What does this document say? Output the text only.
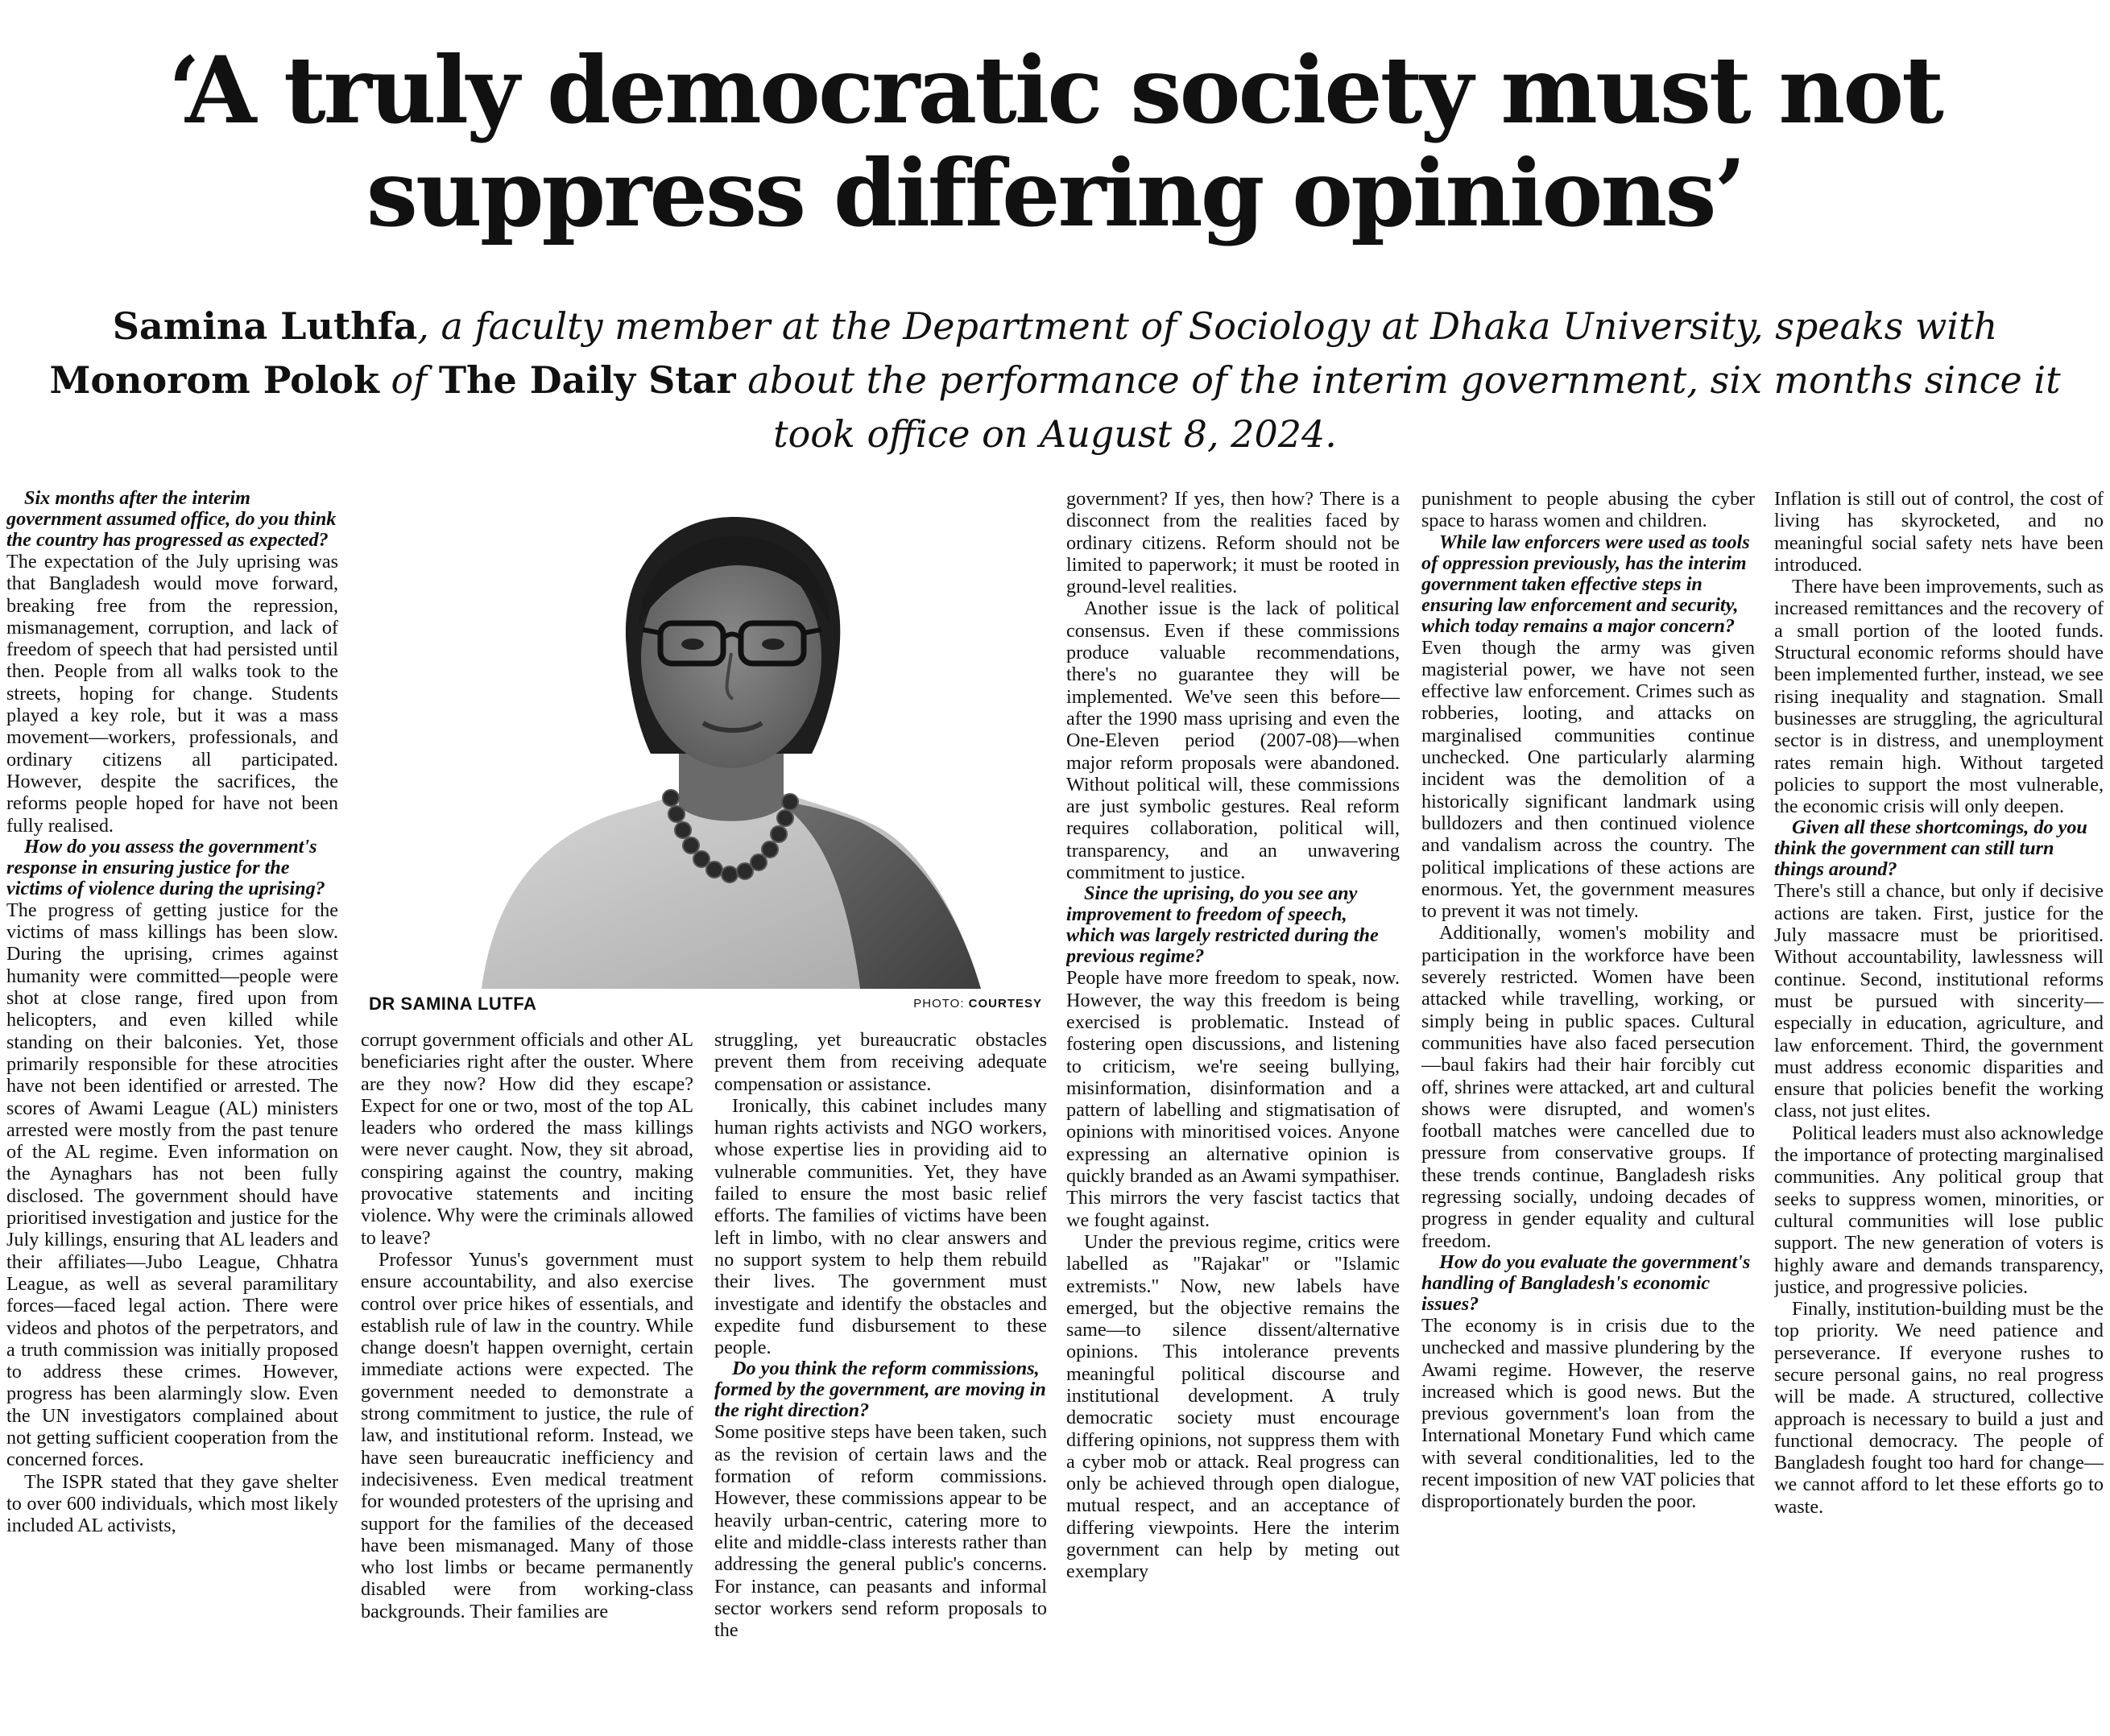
‘A truly democratic society must not suppress differing opinions’

Samina Luthfa, a faculty member at the Department of Sociology at Dhaka University, speaks with Monorom Polok of The Daily Star about the performance of the interim government, six months since it took office on August 8, 2024.

DR SAMINA LUTFA	PHOTO: COURTESY

Six months after the interim government assumed office, do you think the country has progressed as expected?

The expectation of the July uprising was that Bangladesh would move forward, breaking free from the repression, mismanagement, corruption, and lack of freedom of speech that had persisted until then. People from all walks took to the streets, hoping for change. Students played a key role, but it was a mass movement—workers, professionals, and ordinary citizens all participated. However, despite the sacrifices, the reforms people hoped for have not been fully realised.

How do you assess the government's response in ensuring justice for the victims of violence during the uprising?

The progress of getting justice for the victims of mass killings has been slow. During the uprising, crimes against humanity were committed—people were shot at close range, fired upon from helicopters, and even killed while standing on their balconies. Yet, those primarily responsible for these atrocities have not been identified or arrested. The scores of Awami League (AL) ministers arrested were mostly from the past tenure of the AL regime. Even information on the Aynaghars has not been fully disclosed. The government should have prioritised investigation and justice for the July killings, ensuring that AL leaders and their affiliates—Jubo League, Chhatra League, as well as several paramilitary forces—faced legal action. There were videos and photos of the perpetrators, and a truth commission was initially proposed to address these crimes. However, progress has been alarmingly slow. Even the UN investigators complained about not getting sufficient cooperation from the concerned forces.

The ISPR stated that they gave shelter to over 600 individuals, which most likely included AL activists,

corrupt government officials and other AL beneficiaries right after the ouster. Where are they now? How did they escape? Expect for one or two, most of the top AL leaders who ordered the mass killings were never caught. Now, they sit abroad, conspiring against the country, making provocative statements and inciting violence. Why were the criminals allowed to leave?

Professor Yunus's government must ensure accountability, and also exercise control over price hikes of essentials, and establish rule of law in the country. While change doesn't happen overnight, certain immediate actions were expected. The government needed to demonstrate a strong commitment to justice, the rule of law, and institutional reform. Instead, we have seen bureaucratic inefficiency and indecisiveness. Even medical treatment for wounded protesters of the uprising and support for the families of the deceased have been mismanaged. Many of those who lost limbs or became permanently disabled were from working-class backgrounds. Their families are

struggling, yet bureaucratic obstacles prevent them from receiving adequate compensation or assistance.

Ironically, this cabinet includes many human rights activists and NGO workers, whose expertise lies in providing aid to vulnerable communities. Yet, they have failed to ensure the most basic relief efforts. The families of victims have been left in limbo, with no clear answers and no support system to help them rebuild their lives. The government must investigate and identify the obstacles and expedite fund disbursement to these people.

Do you think the reform commissions, formed by the government, are moving in the right direction?

Some positive steps have been taken, such as the revision of certain laws and the formation of reform commissions. However, these commissions appear to be heavily urban-centric, catering more to elite and middle-class interests rather than addressing the general public's concerns. For instance, can peasants and informal sector workers send reform proposals to the

government? If yes, then how? There is a disconnect from the realities faced by ordinary citizens. Reform should not be limited to paperwork; it must be rooted in ground-level realities.

Another issue is the lack of political consensus. Even if these commissions produce valuable recommendations, there's no guarantee they will be implemented. We've seen this before—after the 1990 mass uprising and even the One-Eleven period (2007-08)—when major reform proposals were abandoned. Without political will, these commissions are just symbolic gestures. Real reform requires collaboration, political will, transparency, and an unwavering commitment to justice.

Since the uprising, do you see any improvement to freedom of speech, which was largely restricted during the previous regime?

People have more freedom to speak, now. However, the way this freedom is being exercised is problematic. Instead of fostering open discussions, and listening to criticism, we're seeing bullying, misinformation, disinformation and a pattern of labelling and stigmatisation of opinions with minoritised voices. Anyone expressing an alternative opinion is quickly branded as an Awami sympathiser. This mirrors the very fascist tactics that we fought against.

Under the previous regime, critics were labelled as "Rajakar" or "Islamic extremists." Now, new labels have emerged, but the objective remains the same—to silence dissent/alternative opinions. This intolerance prevents meaningful political discourse and institutional development. A truly democratic society must encourage differing opinions, not suppress them with a cyber mob or attack. Real progress can only be achieved through open dialogue, mutual respect, and an acceptance of differing viewpoints. Here the interim government can help by meting out exemplary

punishment to people abusing the cyber space to harass women and children.

While law enforcers were used as tools of oppression previously, has the interim government taken effective steps in ensuring law enforcement and security, which today remains a major concern?

Even though the army was given magisterial power, we have not seen effective law enforcement. Crimes such as robberies, looting, and attacks on marginalised communities continue unchecked. One particularly alarming incident was the demolition of a historically significant landmark using bulldozers and then continued violence and vandalism across the country. The political implications of these actions are enormous. Yet, the government measures to prevent it was not timely.

Additionally, women's mobility and participation in the workforce have been severely restricted. Women have been attacked while travelling, working, or simply being in public spaces. Cultural communities have also faced persecution—baul fakirs had their hair forcibly cut off, shrines were attacked, art and cultural shows were disrupted, and women's football matches were cancelled due to pressure from conservative groups. If these trends continue, Bangladesh risks regressing socially, undoing decades of progress in gender equality and cultural freedom.

How do you evaluate the government's handling of Bangladesh's economic issues?

The economy is in crisis due to the unchecked and massive plundering by the Awami regime. However, the reserve increased which is good news. But the previous government's loan from the International Monetary Fund which came with several conditionalities, led to the recent imposition of new VAT policies that disproportionately burden the poor.

Inflation is still out of control, the cost of living has skyrocketed, and no meaningful social safety nets have been introduced.

There have been improvements, such as increased remittances and the recovery of a small portion of the looted funds. Structural economic reforms should have been implemented further, instead, we see rising inequality and stagnation. Small businesses are struggling, the agricultural sector is in distress, and unemployment rates remain high. Without targeted policies to support the most vulnerable, the economic crisis will only deepen.

Given all these shortcomings, do you think the government can still turn things around?

There's still a chance, but only if decisive actions are taken. First, justice for the July massacre must be prioritised. Without accountability, lawlessness will continue. Second, institutional reforms must be pursued with sincerity—especially in education, agriculture, and law enforcement. Third, the government must address economic disparities and ensure that policies benefit the working class, not just elites.

Political leaders must also acknowledge the importance of protecting marginalised communities. Any political group that seeks to suppress women, minorities, or cultural communities will lose public support. The new generation of voters is highly aware and demands transparency, justice, and progressive policies.

Finally, institution-building must be the top priority. We need patience and perseverance. If everyone rushes to secure personal gains, no real progress will be made. A structured, collective approach is necessary to build a just and functional democracy. The people of Bangladesh fought too hard for change—we cannot afford to let these efforts go to waste.
